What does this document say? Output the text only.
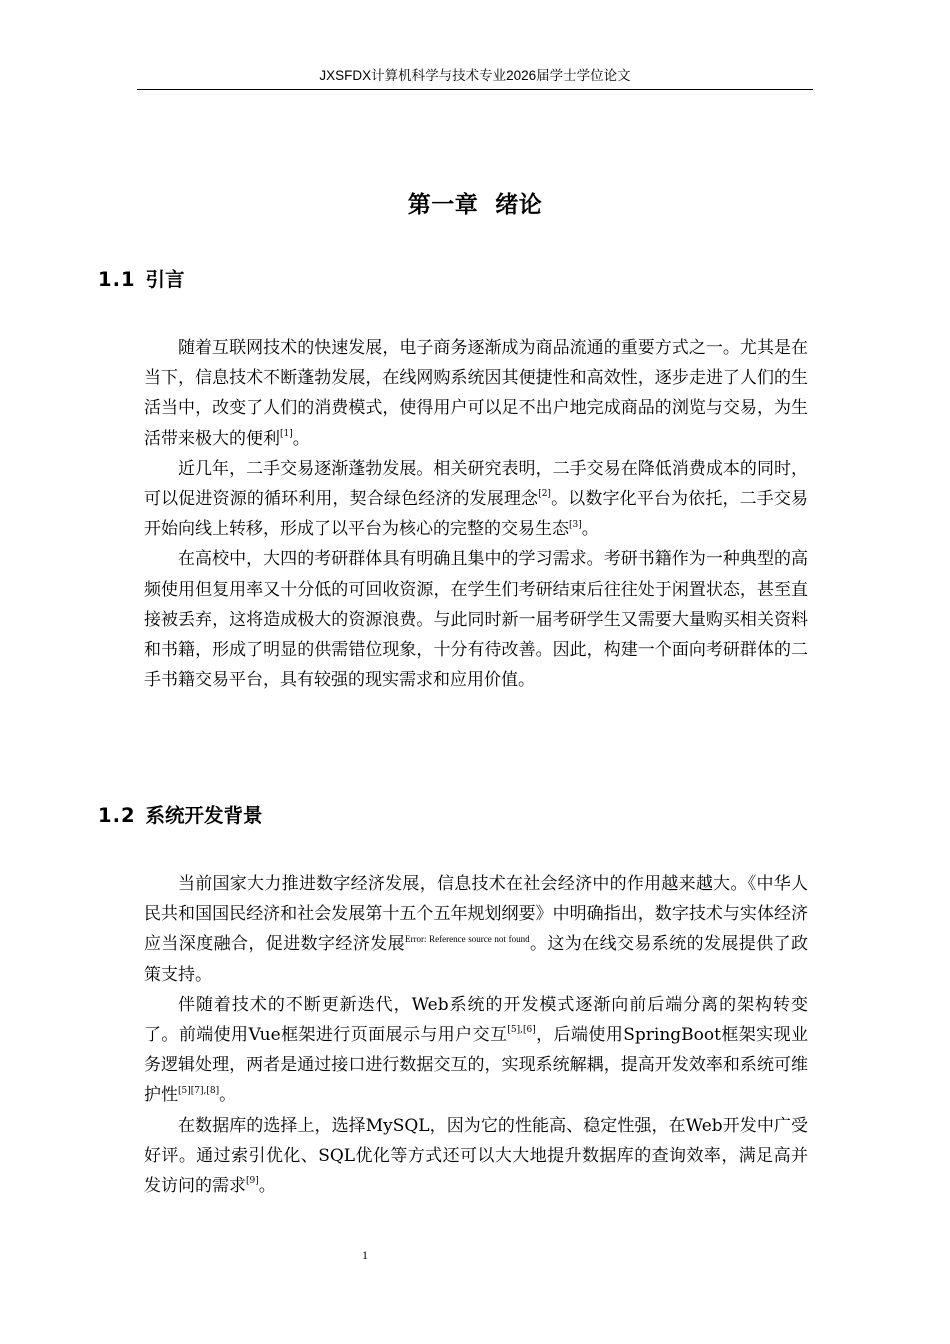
JXSFDX计算机科学与技术专业2026届学士学位论文
第一章  绪论
1.1 引言

随着互联网技术的快速发展，电子商务逐渐成为商品流通的重要方式之一。尤其是在当下，信息技术不断蓬勃发展，在线网购系统因其便捷性和高效性，逐步走进了人们的生活当中，改变了人们的消费模式，使得用户可以足不出户地完成商品的浏览与交易，为生活带来极大的便利[1]。

近几年，二手交易逐渐蓬勃发展。相关研究表明，二手交易在降低消费成本的同时，可以促进资源的循环利用，契合绿色经济的发展理念[2]。以数字化平台为依托，二手交易开始向线上转移，形成了以平台为核心的完整的交易生态[3]。

在高校中，大四的考研群体具有明确且集中的学习需求。考研书籍作为一种典型的高频使用但复用率又十分低的可回收资源，在学生们考研结束后往往处于闲置状态，甚至直接被丢弃，这将造成极大的资源浪费。与此同时新一届考研学生又需要大量购买相关资料和书籍，形成了明显的供需错位现象，十分有待改善。因此，构建一个面向考研群体的二手书籍交易平台，具有较强的现实需求和应用价值。

1.2 系统开发背景

当前国家大力推进数字经济发展，信息技术在社会经济中的作用越来越大。《中华人民共和国国民经济和社会发展第十五个五年规划纲要》中明确指出，数字技术与实体经济应当深度融合，促进数字经济发展$^{Error: Reference source not found}$。这为在线交易系统的发展提供了政策支持。

伴随着技术的不断更新迭代，Web系统的开发模式逐渐向前后端分离的架构转变了。前端使用Vue框架进行页面展示与用户交互[5],[6]，后端使用SpringBoot框架实现业务逻辑处理，两者是通过接口进行数据交互的，实现系统解耦，提高开发效率和系统可维护性[5][7],[8]。

在数据库的选择上，选择MySQL，因为它的性能高、稳定性强，在Web开发中广受好评。通过索引优化、SQL优化等方式还可以大大地提升数据库的查询效率，满足高并发访问的需求[9]。

1
